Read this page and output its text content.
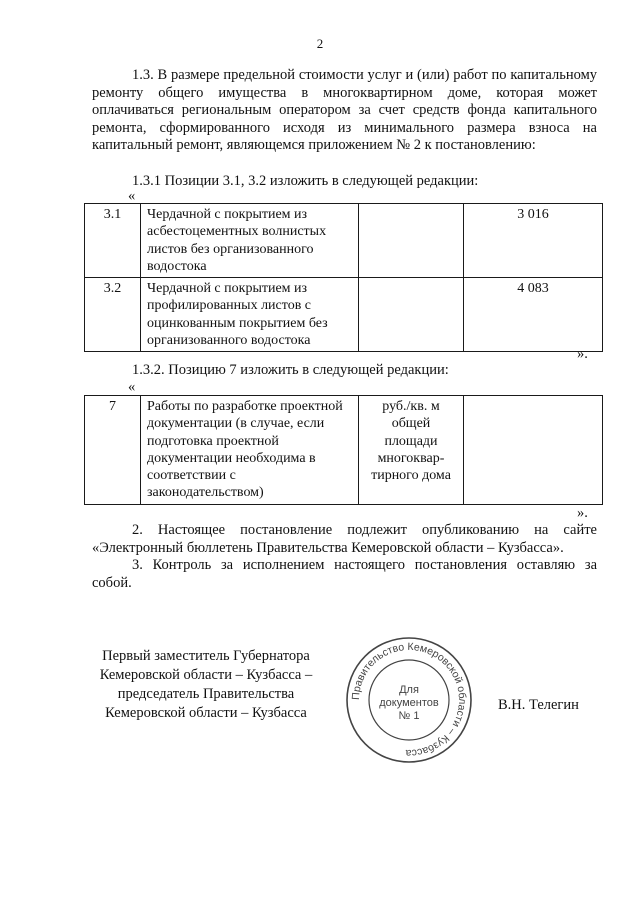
2

1.3. В размере предельной стоимости услуг и (или) работ по капитальному ремонту общего имущества в многоквартирном доме, которая может оплачиваться региональным оператором за счет средств фонда капитального ремонта, сформированного исходя из минимального размера взноса на капитальный ремонт, являющемся приложением № 2 к постановлению:

1.3.1 Позиции 3.1, 3.2 изложить в следующей редакции:
«
3.1	Чердачной с покрытием из асбестоцементных волнистых листов без организованного водостока		3 016
3.2	Чердачной с покрытием из профилированных листов с оцинкованным покрытием без организованного водостока		4 083
».
1.3.2. Позицию 7 изложить в следующей редакции:
«
7	Работы по разработке проектной документации (в случае, если подготовка проектной документации необходима в соответствии с законодательством)	руб./кв. м общей площади многоквар-тирного дома	
».

2. Настоящее постановление подлежит опубликованию на сайте «Электронный бюллетень Правительства Кемеровской области – Кузбасса».

3. Контроль за исполнением настоящего постановления оставляю за собой.

Первый заместитель Губернатора
Кемеровской области – Кузбасса –
председатель Правительства
Кемеровской области – Кузбасса
Правительство Кемеровской области – Кузбасса
Для
документов
№ 1
В.Н. Телегин
